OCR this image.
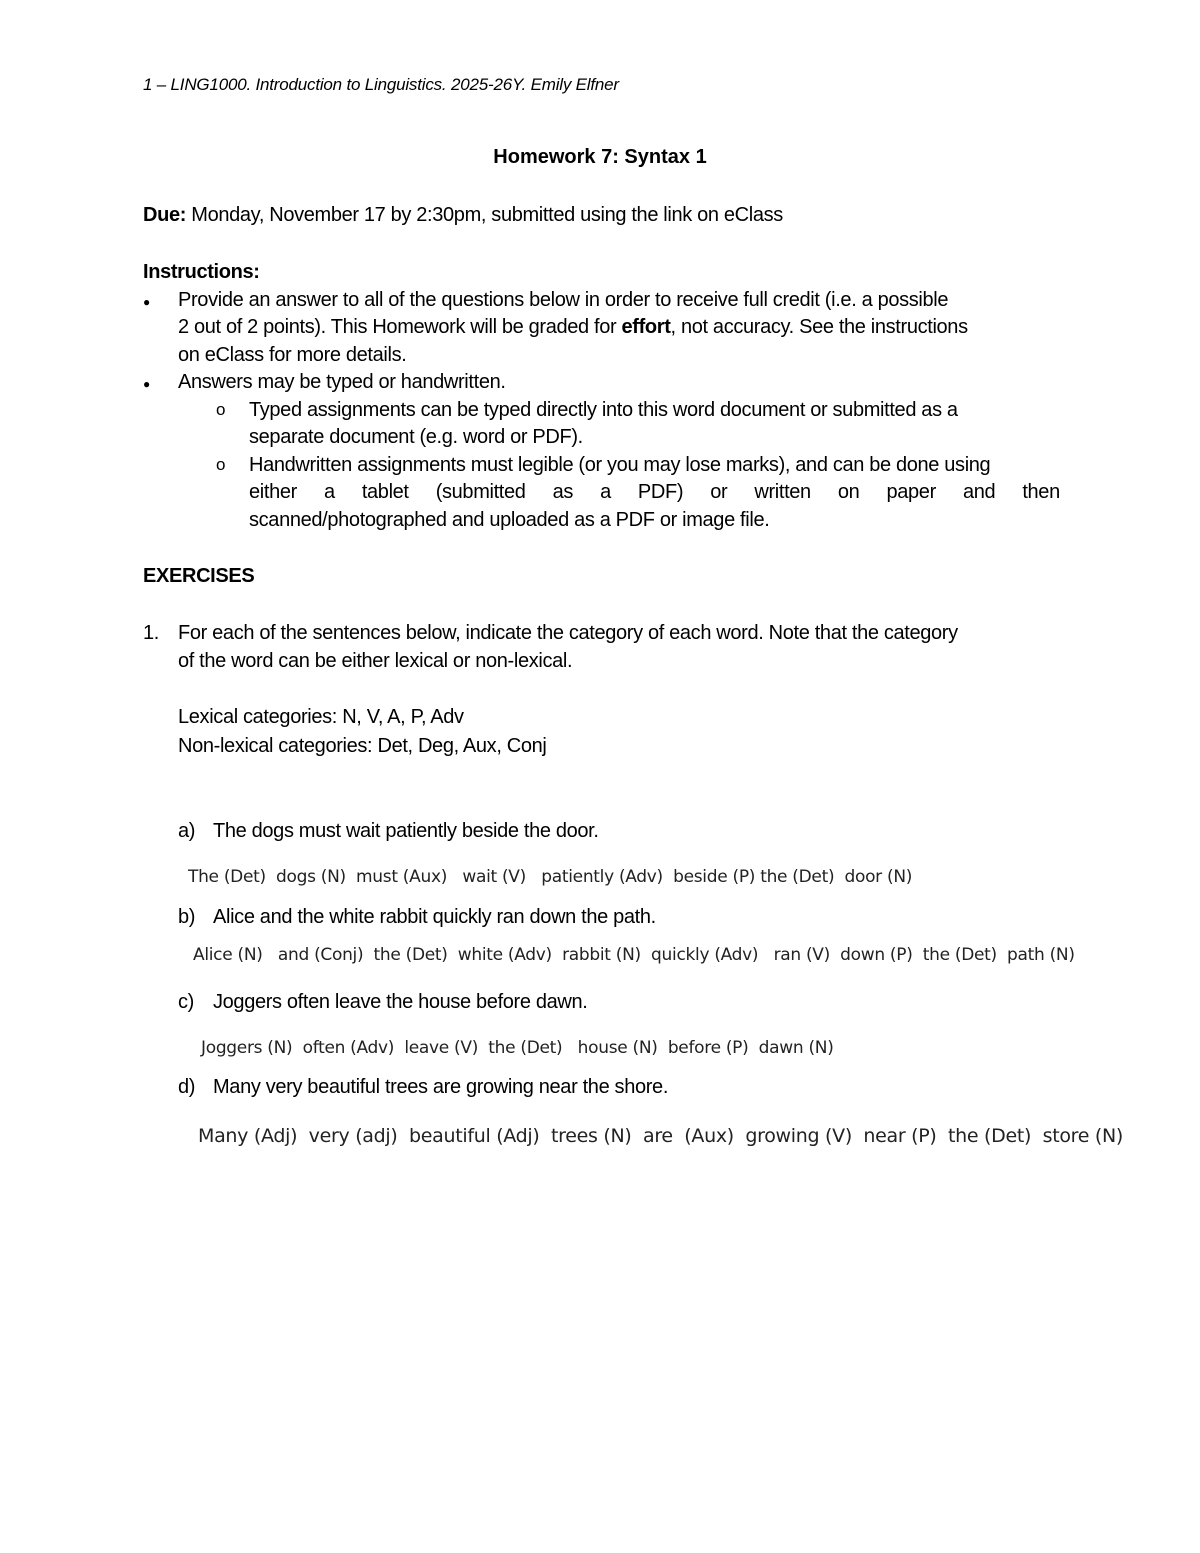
1 – LING1000. Introduction to Linguistics. 2025-26Y. Emily Elfner
Homework 7: Syntax 1
Due: Monday, November 17 by 2:30pm, submitted using the link on eClass
Instructions:
● Provide an answer to all of the questions below in order to receive full credit (i.e. a possible
2 out of 2 points). This Homework will be graded for effort, not accuracy. See the instructions
on eClass for more details.
● Answers may be typed or handwritten.
o Typed assignments can be typed directly into this word document or submitted as a
separate document (e.g. word or PDF).
o Handwritten assignments must legible (or you may lose marks), and can be done using
either a tablet (submitted as a PDF) or written on paper and then
scanned/photographed and uploaded as a PDF or image file.
EXERCISES
1. For each of the sentences below, indicate the category of each word. Note that the category
of the word can be either lexical or non-lexical.
Lexical categories: N, V, A, P, Adv
Non-lexical categories: Det, Deg, Aux, Conj
a) The dogs must wait patiently beside the door.
The (Det)  dogs (N)  must (Aux)   wait (V)   patiently (Adv)  beside (P) the (Det)  door (N)
b) Alice and the white rabbit quickly ran down the path.
Alice (N)   and (Conj)  the (Det)  white (Adv)  rabbit (N)  quickly (Adv)   ran (V)  down (P)  the (Det)  path (N)
c) Joggers often leave the house before dawn.
Joggers (N)  often (Adv)  leave (V)  the (Det)   house (N)  before (P)  dawn (N)
d) Many very beautiful trees are growing near the shore.
Many (Adj)  very (adj)  beautiful (Adj)  trees (N)  are  (Aux)  growing (V)  near (P)  the (Det)  store (N)
